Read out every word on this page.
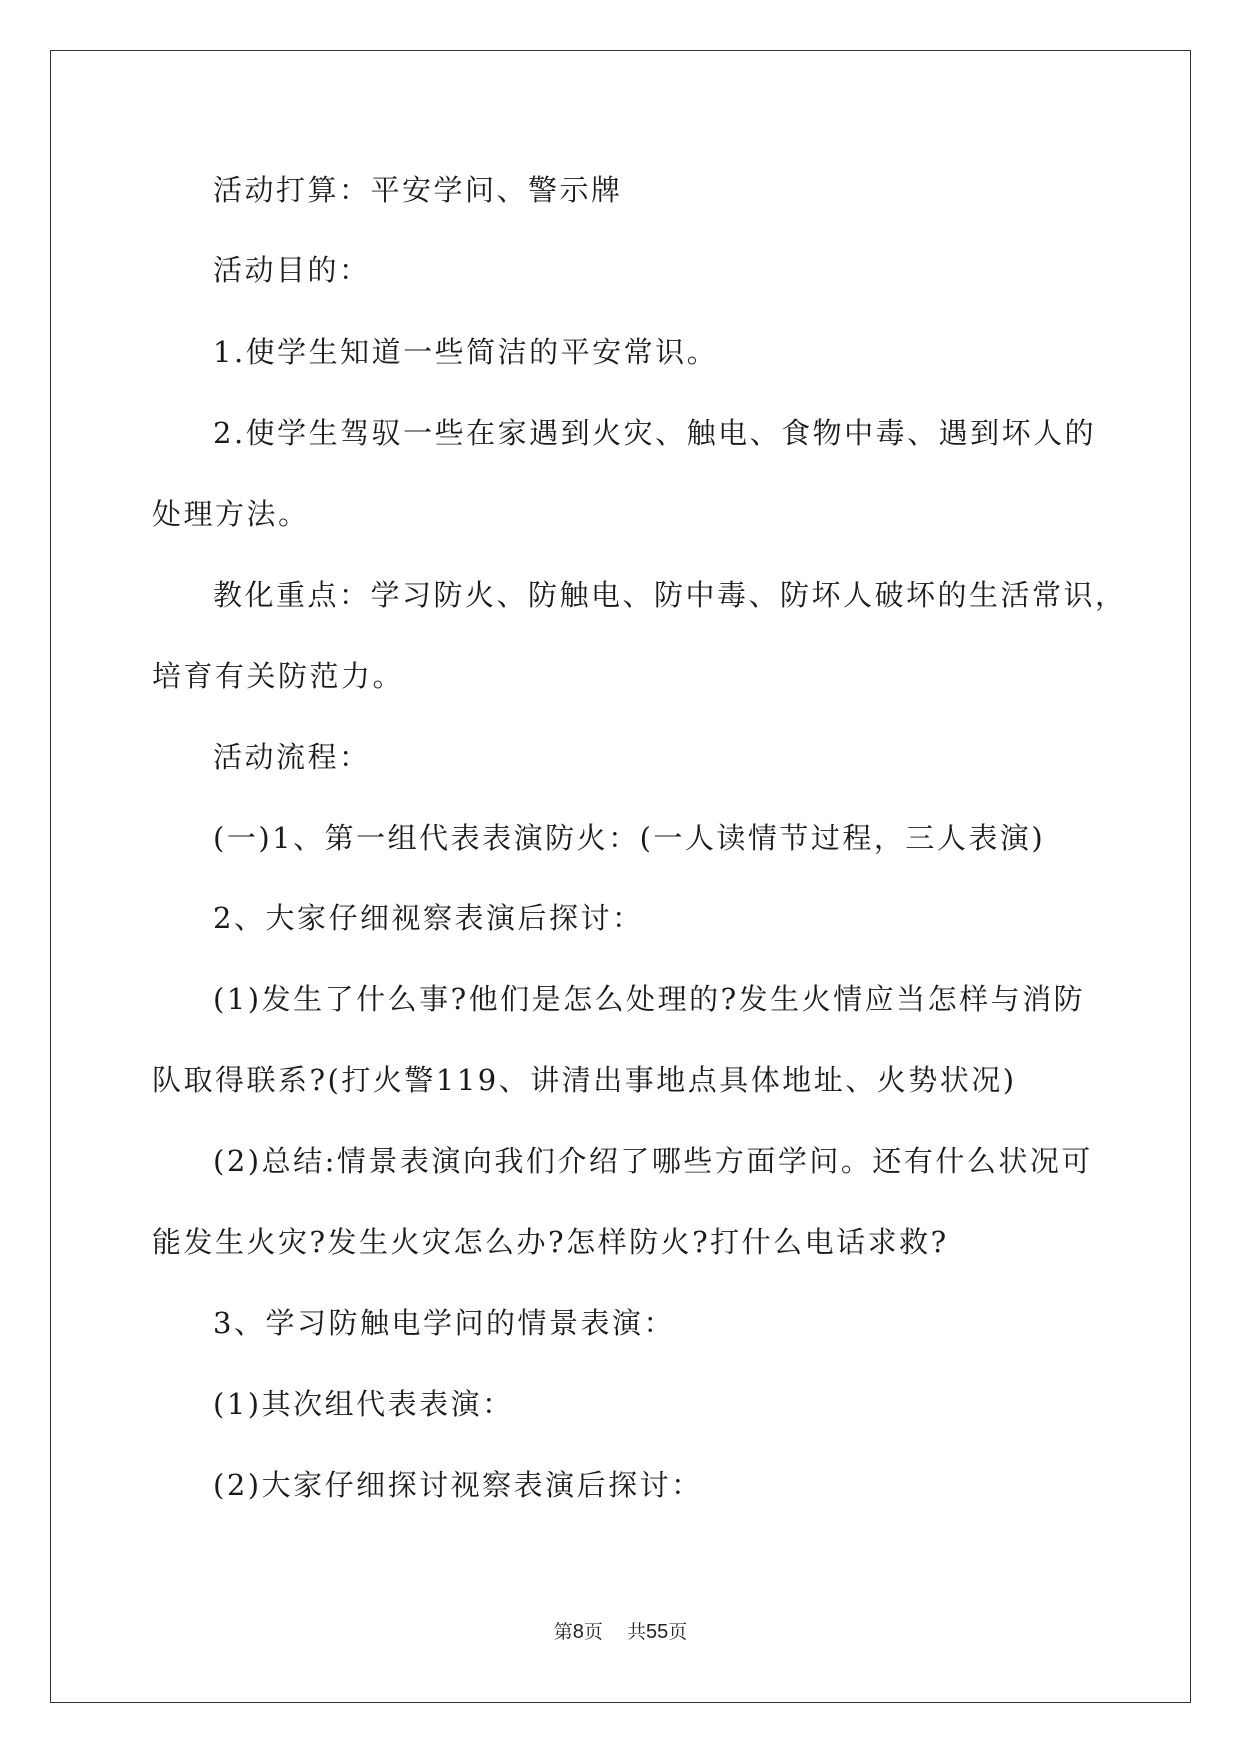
活动打算：平安学问、警示牌
活动目的：
1.使学生知道一些简洁的平安常识。
2.使学生驾驭一些在家遇到火灾、触电、食物中毒、遇到坏人的
处理方法。
教化重点：学习防火、防触电、防中毒、防坏人破坏的生活常识，
培育有关防范力。
活动流程：
(一)1、第一组代表表演防火：(一人读情节过程，三人表演)
2、大家仔细视察表演后探讨：
(1)发生了什么事?他们是怎么处理的?发生火情应当怎样与消防
队取得联系?(打火警119、讲清出事地点具体地址、火势状况)
(2)总结:情景表演向我们介绍了哪些方面学问。还有什么状况可
能发生火灾?发生火灾怎么办?怎样防火?打什么电话求救?
3、学习防触电学问的情景表演：
(1)其次组代表表演：
(2)大家仔细探讨视察表演后探讨：
第8页 共55页
